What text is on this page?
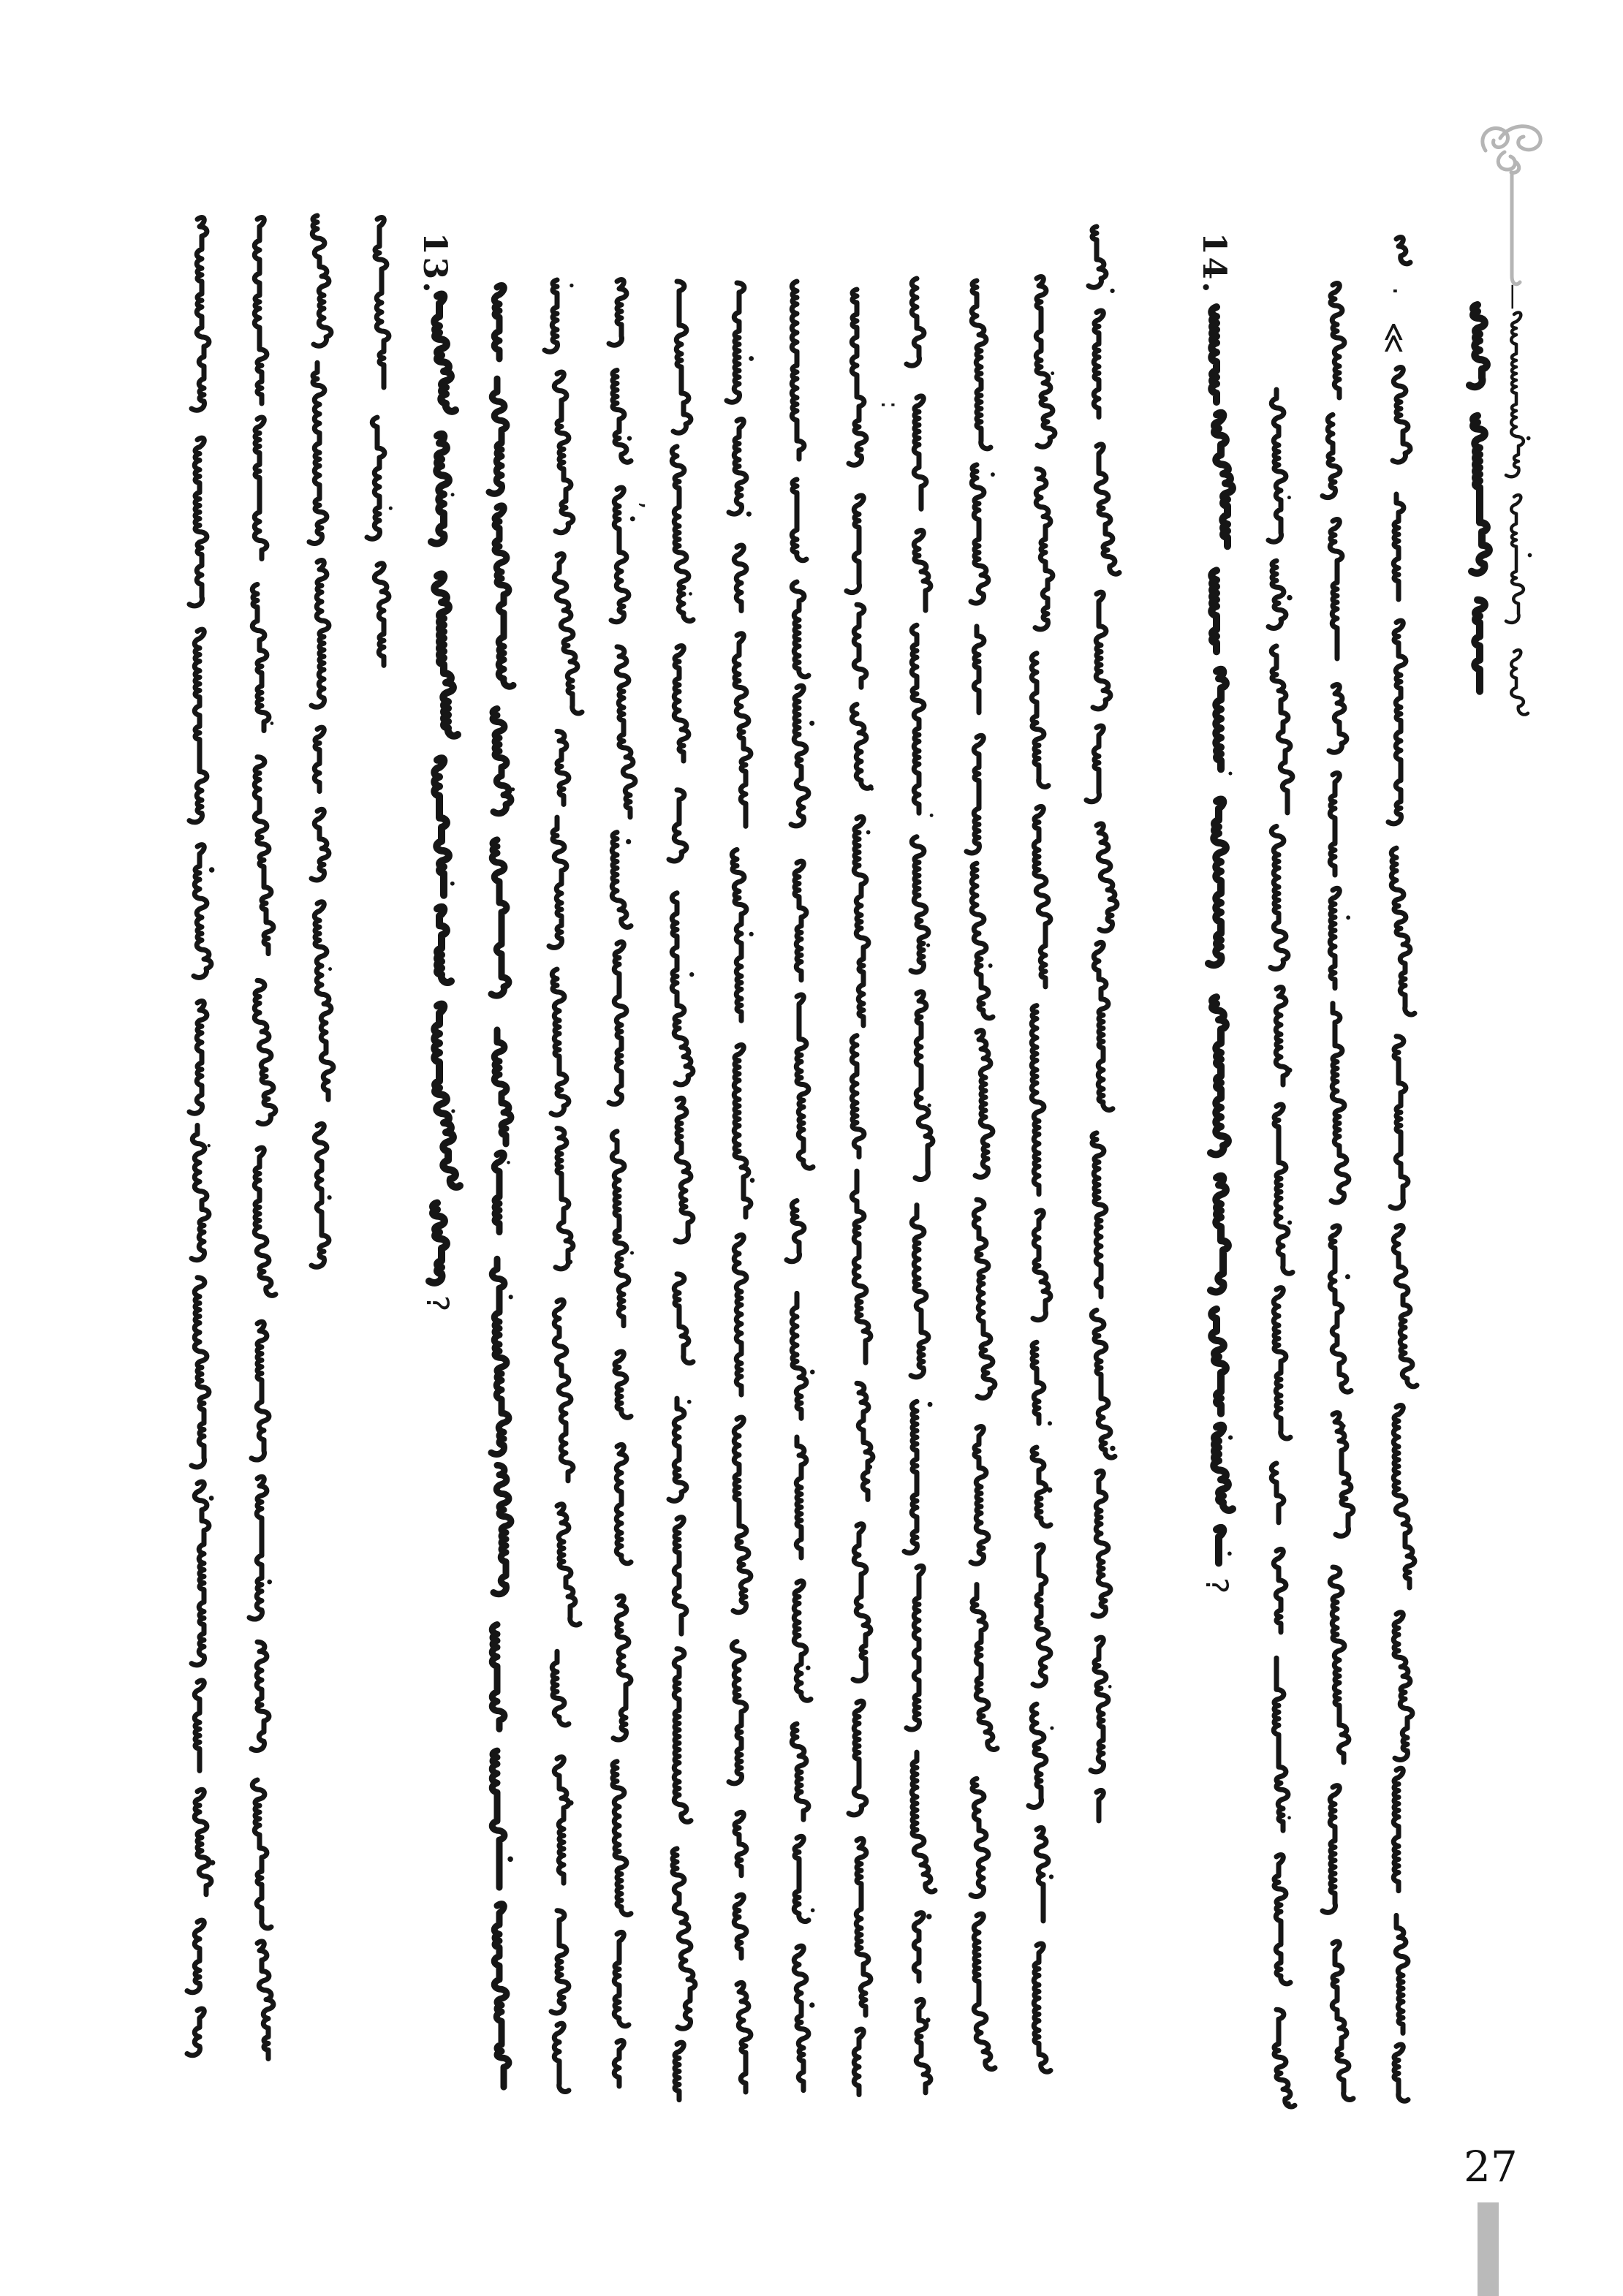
13.	14.
?
?
·
≪
:
,
—
27
